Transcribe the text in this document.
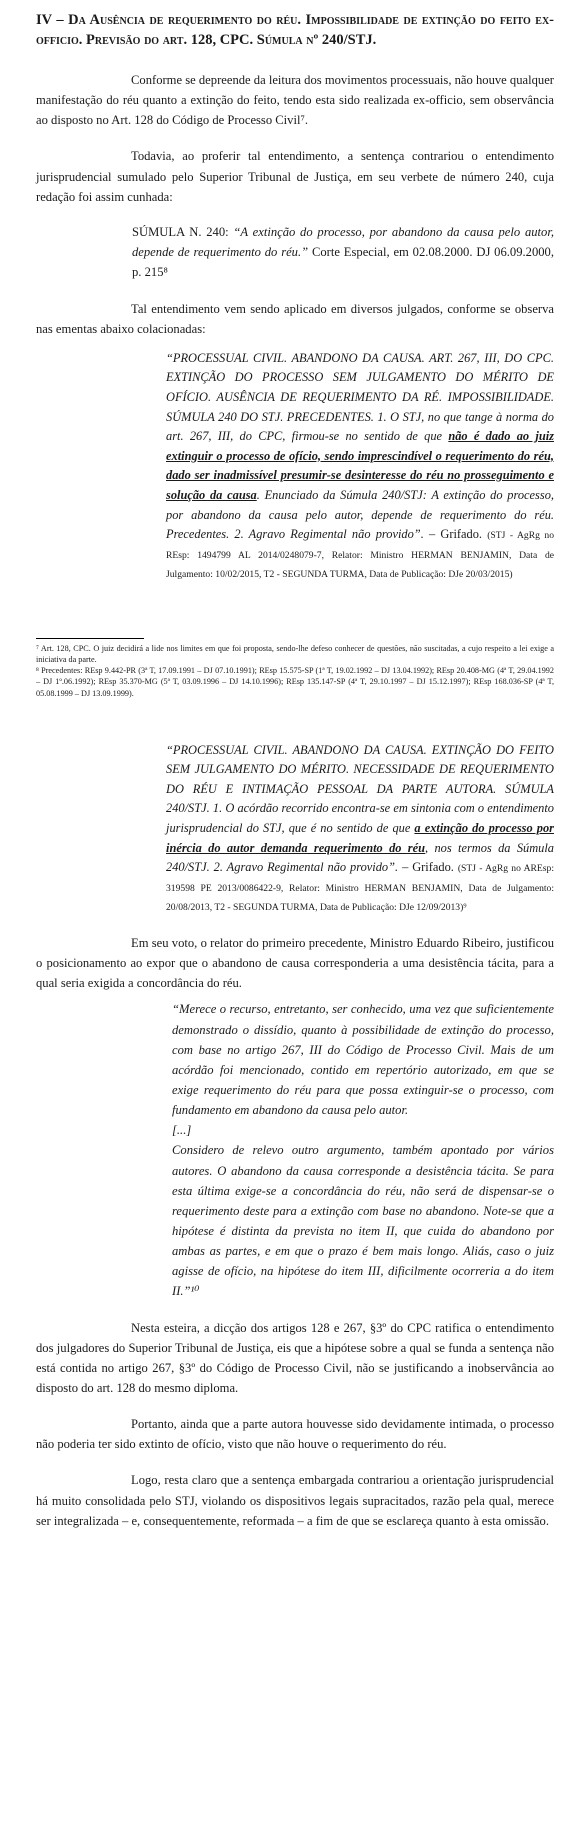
IV – Da Ausência de requerimento do réu. Impossibilidade de extinção do feito ex-officio. Previsão do art. 128, CPC. Súmula nº 240/STJ.

Conforme se depreende da leitura dos movimentos processuais, não houve qualquer manifestação do réu quanto a extinção do feito, tendo esta sido realizada ex-officio, sem observância ao disposto no Art. 128 do Código de Processo Civil⁷.

Todavia, ao proferir tal entendimento, a sentença contrariou o entendimento jurisprudencial sumulado pelo Superior Tribunal de Justiça, em seu verbete de número 240, cuja redação foi assim cunhada:

SÚMULA N. 240: “A extinção do processo, por abandono da causa pelo autor, depende de requerimento do réu.” Corte Especial, em 02.08.2000. DJ 06.09.2000, p. 215⁸

Tal entendimento vem sendo aplicado em diversos julgados, conforme se observa nas ementas abaixo colacionadas:

“PROCESSUAL CIVIL. ABANDONO DA CAUSA. ART. 267, III, DO CPC. EXTINÇÃO DO PROCESSO SEM JULGAMENTO DO MÉRITO DE OFÍCIO. AUSÊNCIA DE REQUERIMENTO DA RÉ. IMPOSSIBILIDADE. SÚMULA 240 DO STJ. PRECEDENTES. 1. O STJ, no que tange à norma do art. 267, III, do CPC, firmou-se no sentido de que não é dado ao juiz extinguir o processo de ofício, sendo imprescindível o requerimento do réu, dado ser inadmissível presumir-se desinteresse do réu no prosseguimento e solução da causa. Enunciado da Súmula 240/STJ: A extinção do processo, por abandono da causa pelo autor, depende de requerimento do réu. Precedentes. 2. Agravo Regimental não provido”. – Grifado. (STJ - AgRg no REsp: 1494799 AL 2014/0248079-7, Relator: Ministro HERMAN BENJAMIN, Data de Julgamento: 10/02/2015, T2 - SEGUNDA TURMA, Data de Publicação: DJe 20/03/2015)

⁷ Art. 128, CPC. O juiz decidirá a lide nos limites em que foi proposta, sendo-lhe defeso conhecer de questões, não suscitadas, a cujo respeito a lei exige a iniciativa da parte.

⁸ Precedentes: REsp 9.442-PR (3ª T, 17.09.1991 – DJ 07.10.1991); REsp 15.575-SP (1ª T, 19.02.1992 – DJ 13.04.1992); REsp 20.408-MG (4ª T, 29.04.1992 – DJ 1º.06.1992); REsp 35.370-MG (5ª T, 03.09.1996 – DJ 14.10.1996); REsp 135.147-SP (4ª T, 29.10.1997 – DJ 15.12.1997); REsp 168.036-SP (4ª T, 05.08.1999 – DJ 13.09.1999).

“PROCESSUAL CIVIL. ABANDONO DA CAUSA. EXTINÇÃO DO FEITO SEM JULGAMENTO DO MÉRITO. NECESSIDADE DE REQUERIMENTO DO RÉU E INTIMAÇÃO PESSOAL DA PARTE AUTORA. SÚMULA 240/STJ. 1. O acórdão recorrido encontra-se em sintonia com o entendimento jurisprudencial do STJ, que é no sentido de que a extinção do processo por inércia do autor demanda requerimento do réu, nos termos da Súmula 240/STJ. 2. Agravo Regimental não provido”. – Grifado. (STJ - AgRg no AREsp: 319598 PE 2013/0086422-9, Relator: Ministro HERMAN BENJAMIN, Data de Julgamento: 20/08/2013, T2 - SEGUNDA TURMA, Data de Publicação: DJe 12/09/2013)⁹

Em seu voto, o relator do primeiro precedente, Ministro Eduardo Ribeiro, justificou o posicionamento ao expor que o abandono de causa corresponderia a uma desistência tácita, para a qual seria exigida a concordância do réu.

“Merece o recurso, entretanto, ser conhecido, uma vez que suficientemente demonstrado o dissídio, quanto à possibilidade de extinção do processo, com base no artigo 267, III do Código de Processo Civil. Mais de um acórdão foi mencionado, contido em repertório autorizado, em que se exige requerimento do réu para que possa extinguir-se o processo, com fundamento em abandono da causa pelo autor.

[...]

Considero de relevo outro argumento, também apontado por vários autores. O abandono da causa corresponde a desistência tácita. Se para esta última exige-se a concordância do réu, não será de dispensar-se o requerimento deste para a extinção com base no abandono. Note-se que a hipótese é distinta da prevista no item II, que cuida do abandono por ambas as partes, e em que o prazo é bem mais longo. Aliás, caso o juiz agisse de ofício, na hipótese do item III, dificilmente ocorreria a do item II.”¹⁰

Nesta esteira, a dicção dos artigos 128 e 267, §3º do CPC ratifica o entendimento dos julgadores do Superior Tribunal de Justiça, eis que a hipótese sobre a qual se funda a sentença não está contida no artigo 267, §3º do Código de Processo Civil, não se justificando a inobservância ao disposto do art. 128 do mesmo diploma.

Portanto, ainda que a parte autora houvesse sido devidamente intimada, o processo não poderia ter sido extinto de ofício, visto que não houve o requerimento do réu.

Logo, resta claro que a sentença embargada contrariou a orientação jurisprudencial há muito consolidada pelo STJ, violando os dispositivos legais supracitados, razão pela qual, merece ser integralizada – e, consequentemente, reformada – a fim de que se esclareça quanto à esta omissão.
